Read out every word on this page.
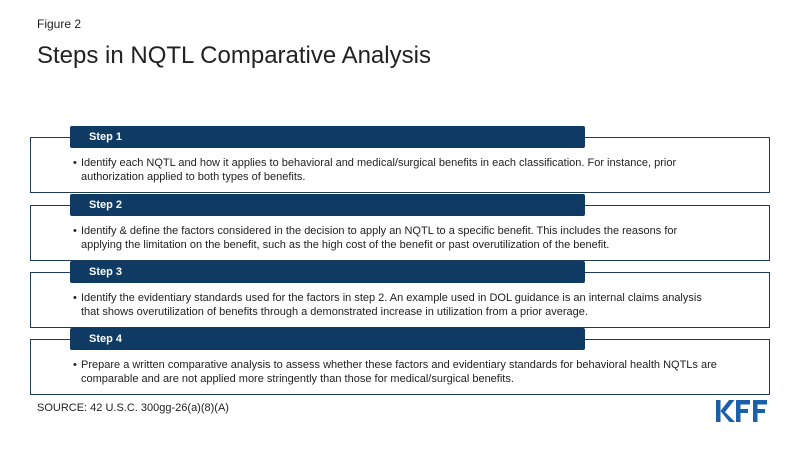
Figure 2
Steps in NQTL Comparative Analysis
Step 1
• Identify each NQTL and how it applies to behavioral and medical/surgical benefits in each classification. For instance, prior authorization applied to both types of benefits.
Step 2
• Identify & define the factors considered in the decision to apply an NQTL to a specific benefit. This includes the reasons for applying the limitation on the benefit, such as the high cost of the benefit or past overutilization of the benefit.
Step 3
• Identify the evidentiary standards used for the factors in step 2. An example used in DOL guidance is an internal claims analysis that shows overutilization of benefits through a demonstrated increase in utilization from a prior average.
Step 4
• Prepare a written comparative analysis to assess whether these factors and evidentiary standards for behavioral health NQTLs are comparable and are not applied more stringently than those for medical/surgical benefits.
SOURCE: 42 U.S.C. 300gg-26(a)(8)(A)
